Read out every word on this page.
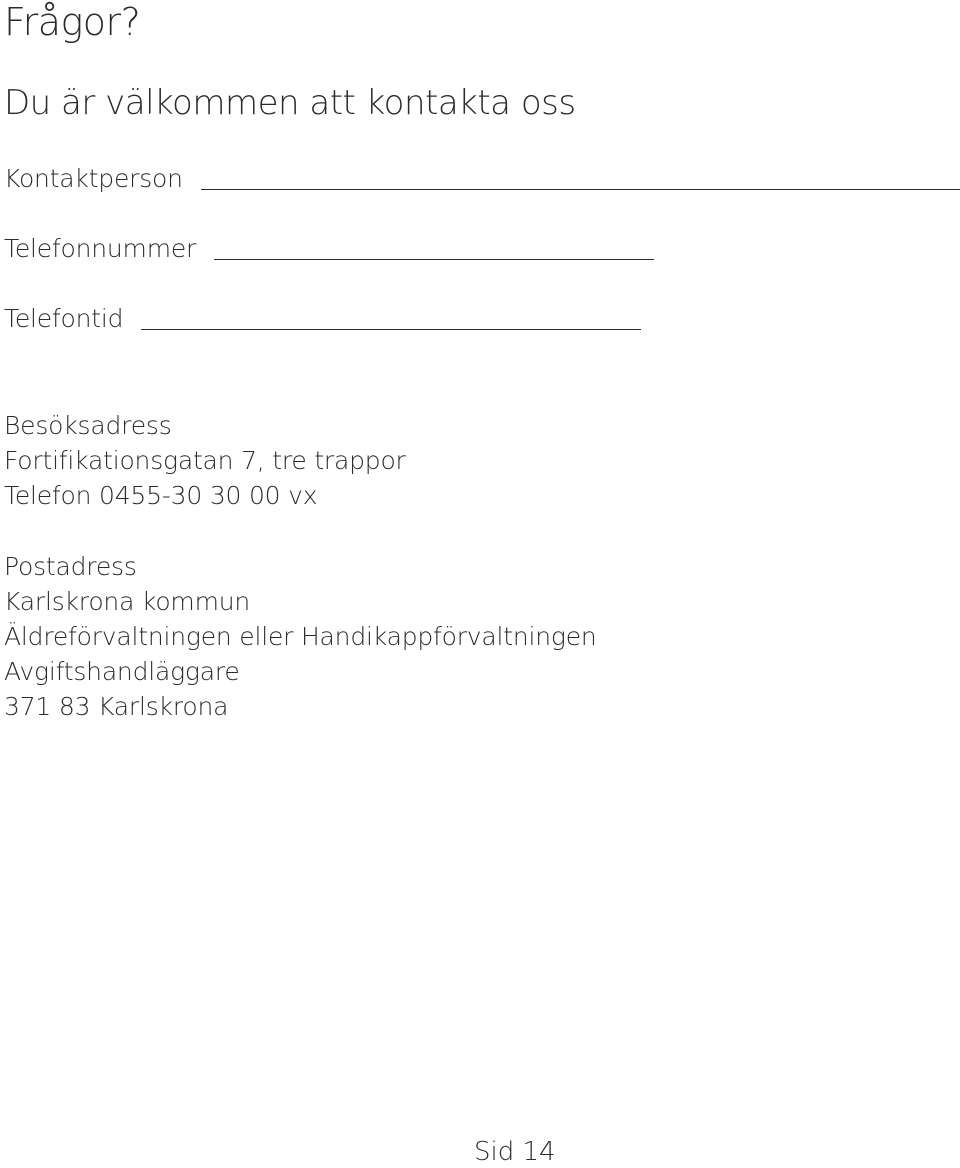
Frågor?
Du är välkommen att kontakta oss
Kontaktperson
Telefonnummer
Telefontid
Besöksadress
Fortifikationsgatan 7, tre trappor
Telefon 0455-30 30 00 vx
Postadress
Karlskrona kommun
Äldreförvaltningen eller Handikappförvaltningen
Avgiftshandläggare
371 83 Karlskrona
Sid 14
